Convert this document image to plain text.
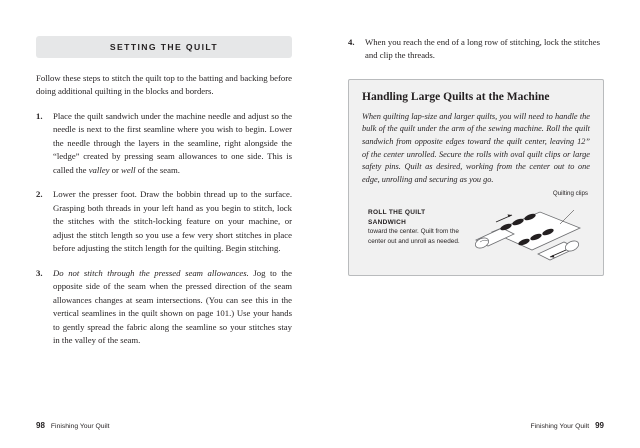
SETTING THE QUILT

Follow these steps to stitch the quilt top to the batting and backing before doing additional quilting in the blocks and borders.

1. Place the quilt sandwich under the machine needle and adjust so the needle is next to the first seamline where you wish to begin. Lower the needle through the layers in the seamline, right alongside the “ledge” created by pressing seam allowances to one side. This is called the valley or well of the seam.
2. Lower the presser foot. Draw the bobbin thread up to the surface. Grasping both threads in your left hand as you begin to stitch, lock the stitches with the stitch-locking feature on your machine, or adjust the stitch length so you use a few very short stitches in place before adjusting the stitch length for the quilting. Begin stitching.
3. Do not stitch through the pressed seam allowances. Jog to the opposite side of the seam when the pressed direction of the seam allowances changes at seam intersections. (You can see this in the vertical seamlines in the quilt shown on page 101.) Use your hands to gently spread the fabric along the seamline so your stitches stay in the valley of the seam.
98 Finishing Your Quilt
4. When you reach the end of a long row of stitching, lock the stitches and clip the threads.
Handling Large Quilts at the Machine

When quilting lap-size and larger quilts, you will need to handle the bulk of the quilt under the arm of the sewing machine. Roll the quilt sandwich from opposite edges toward the quilt center, leaving 12” of the center unrolled. Secure the rolls with oval quilt clips or large safety pins. Quilt as desired, working from the center out to one edge, unrolling and securing as you go.

Quilting clips
ROLL THE QUILT SANDWICH
toward the center. Quilt from the center out and unroll as needed.
Finishing Your Quilt 99
